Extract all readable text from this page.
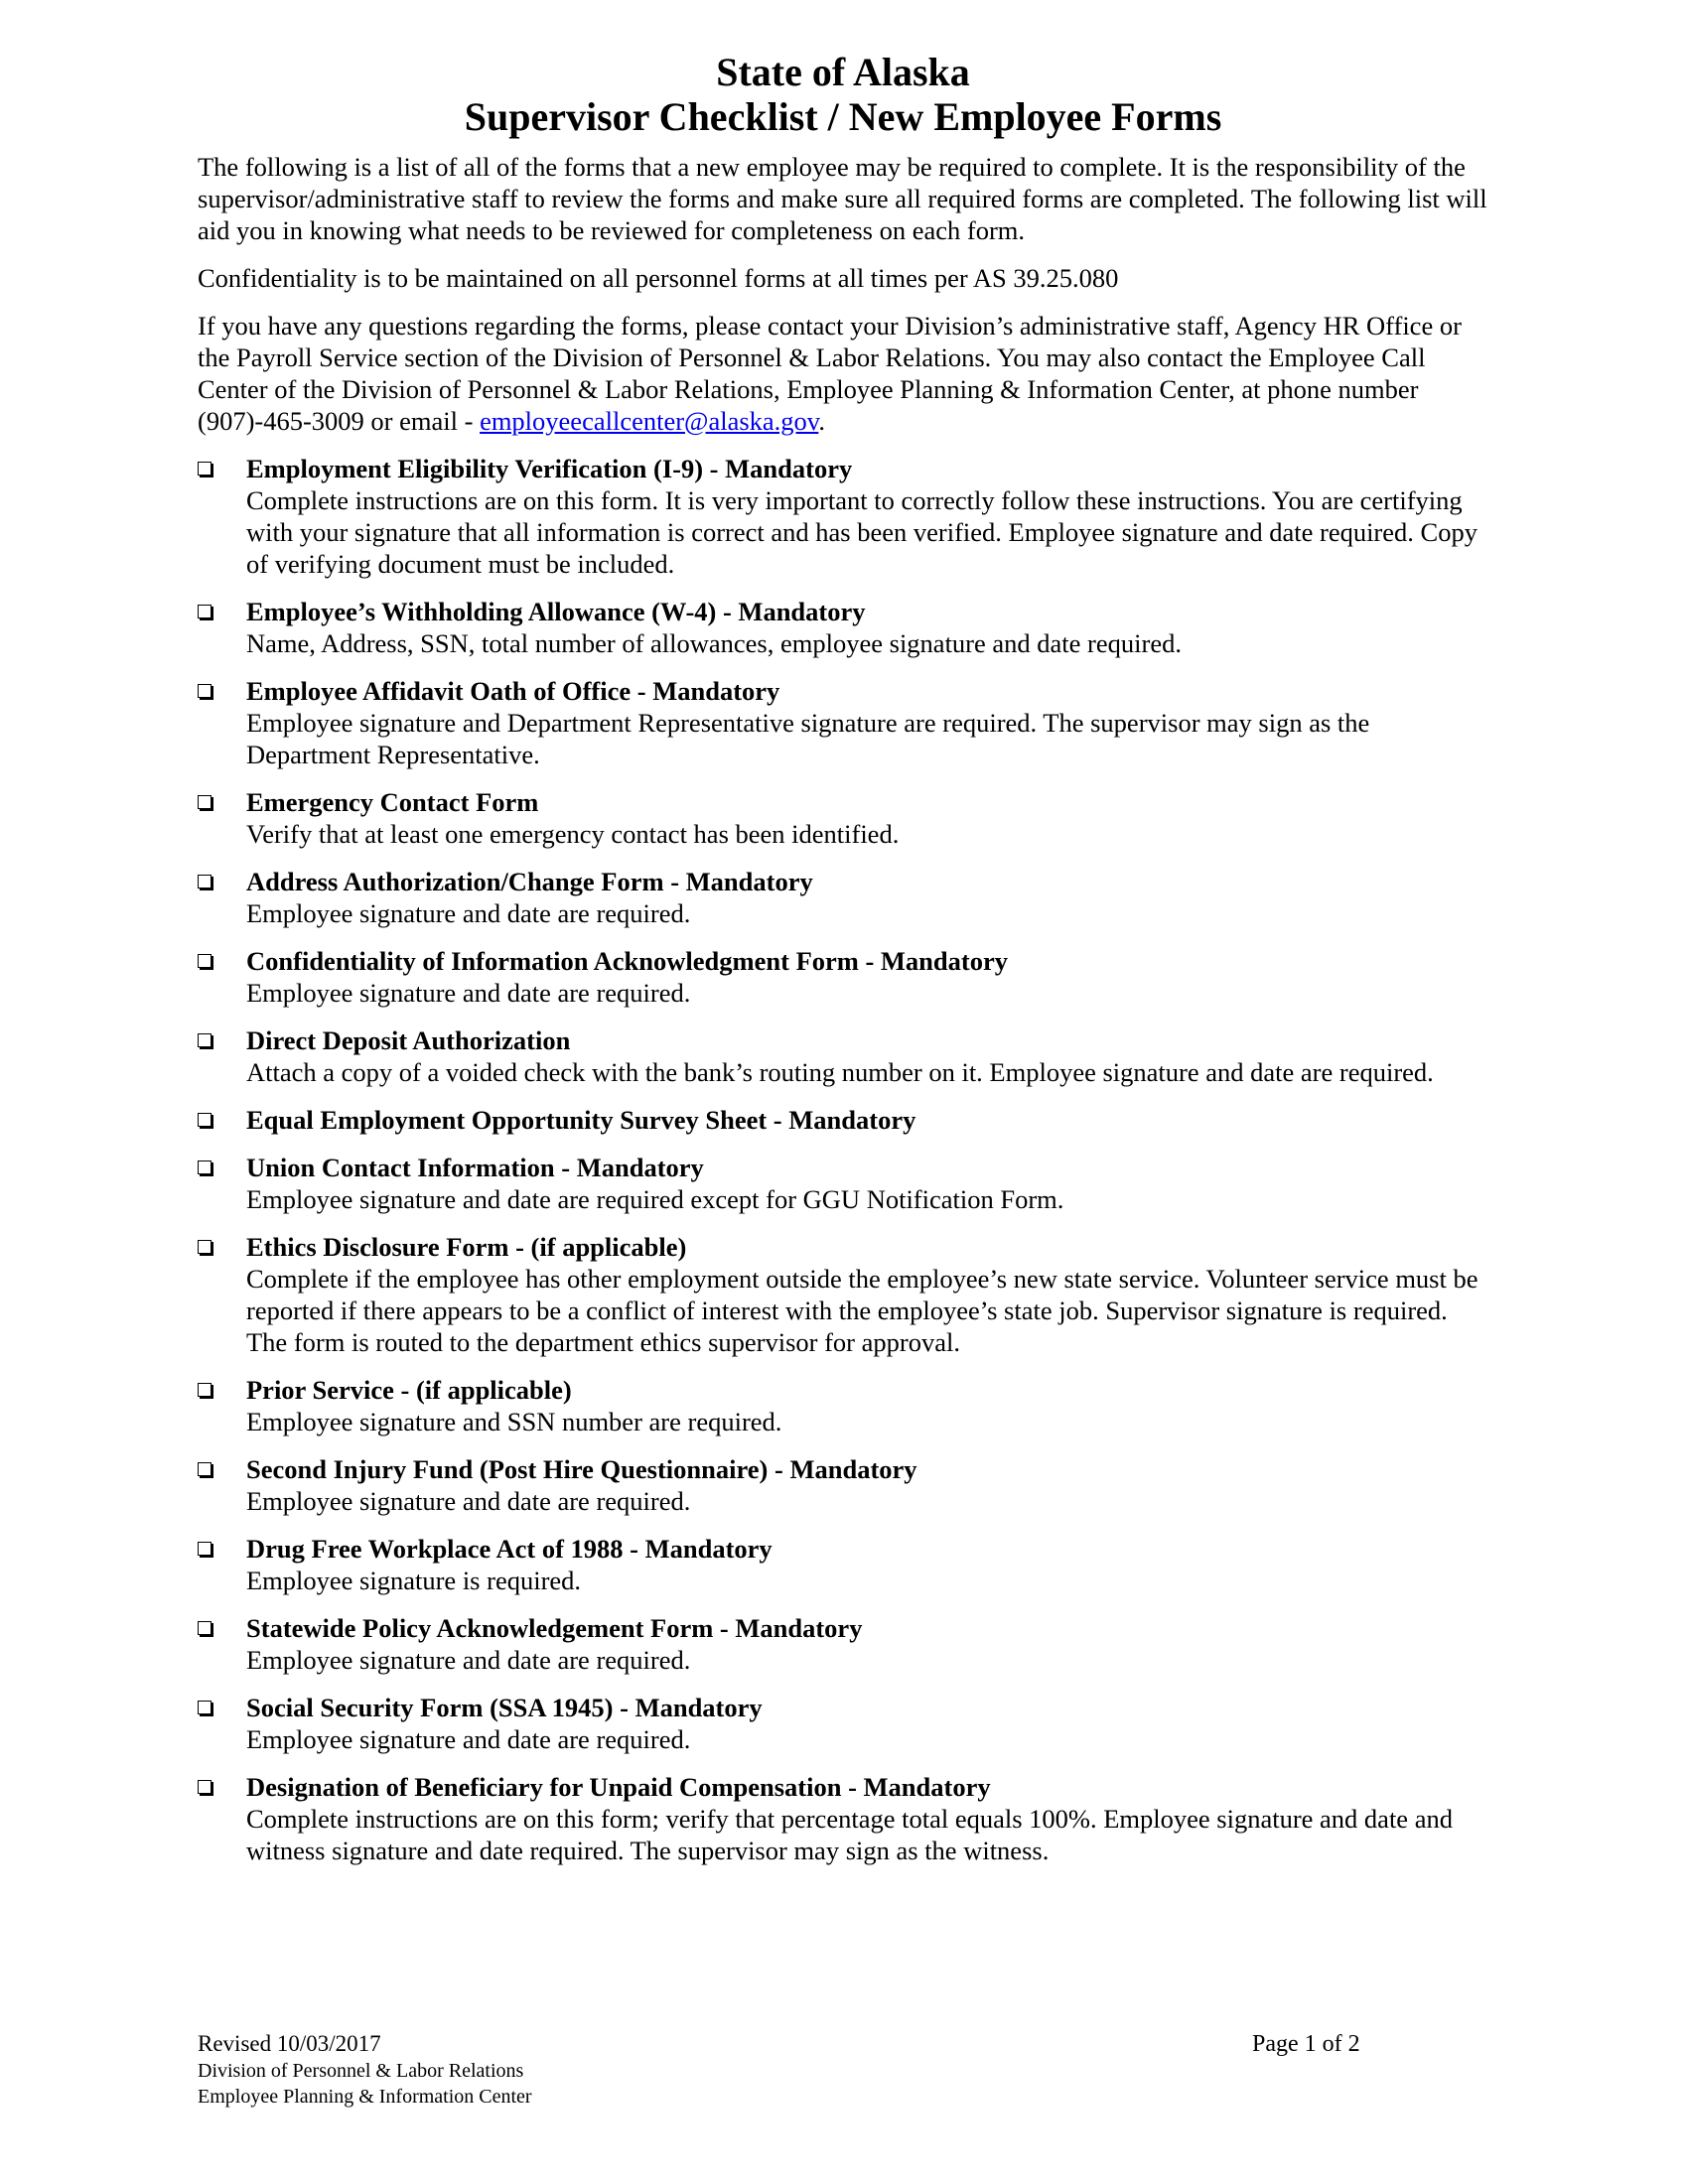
State of Alaska
Supervisor Checklist / New Employee Forms

The following is a list of all of the forms that a new employee may be required to complete. It is the responsibility of the supervisor/administrative staff to review the forms and make sure all required forms are completed. The following list will aid you in knowing what needs to be reviewed for completeness on each form.

Confidentiality is to be maintained on all personnel forms at all times per AS 39.25.080

If you have any questions regarding the forms, please contact your Division’s administrative staff, Agency HR Office or the Payroll Service section of the Division of Personnel & Labor Relations. You may also contact the Employee Call Center of the Division of Personnel & Labor Relations, Employee Planning & Information Center, at phone number (907)-465-3009 or email - employeecallcenter@alaska.gov.

Employment Eligibility Verification (I-9) - Mandatory
Complete instructions are on this form. It is very important to correctly follow these instructions. You are certifying with your signature that all information is correct and has been verified. Employee signature and date required. Copy of verifying document must be included.
Employee’s Withholding Allowance (W-4) - Mandatory
Name, Address, SSN, total number of allowances, employee signature and date required.
Employee Affidavit Oath of Office - Mandatory
Employee signature and Department Representative signature are required. The supervisor may sign as the Department Representative.
Emergency Contact Form
Verify that at least one emergency contact has been identified.
Address Authorization/Change Form - Mandatory
Employee signature and date are required.
Confidentiality of Information Acknowledgment Form - Mandatory
Employee signature and date are required.
Direct Deposit Authorization
Attach a copy of a voided check with the bank’s routing number on it. Employee signature and date are required.
Equal Employment Opportunity Survey Sheet - Mandatory
Union Contact Information - Mandatory
Employee signature and date are required except for GGU Notification Form.
Ethics Disclosure Form - (if applicable)
Complete if the employee has other employment outside the employee’s new state service. Volunteer service must be reported if there appears to be a conflict of interest with the employee’s state job. Supervisor signature is required. The form is routed to the department ethics supervisor for approval.
Prior Service - (if applicable)
Employee signature and SSN number are required.
Second Injury Fund (Post Hire Questionnaire) - Mandatory
Employee signature and date are required.
Drug Free Workplace Act of 1988 - Mandatory
Employee signature is required.
Statewide Policy Acknowledgement Form - Mandatory
Employee signature and date are required.
Social Security Form (SSA 1945) - Mandatory
Employee signature and date are required.
Designation of Beneficiary for Unpaid Compensation - Mandatory
Complete instructions are on this form; verify that percentage total equals 100%. Employee signature and date and witness signature and date required. The supervisor may sign as the witness.
Revised 10/03/2017
Division of Personnel & Labor Relations
Employee Planning & Information Center
Page 1 of 2
